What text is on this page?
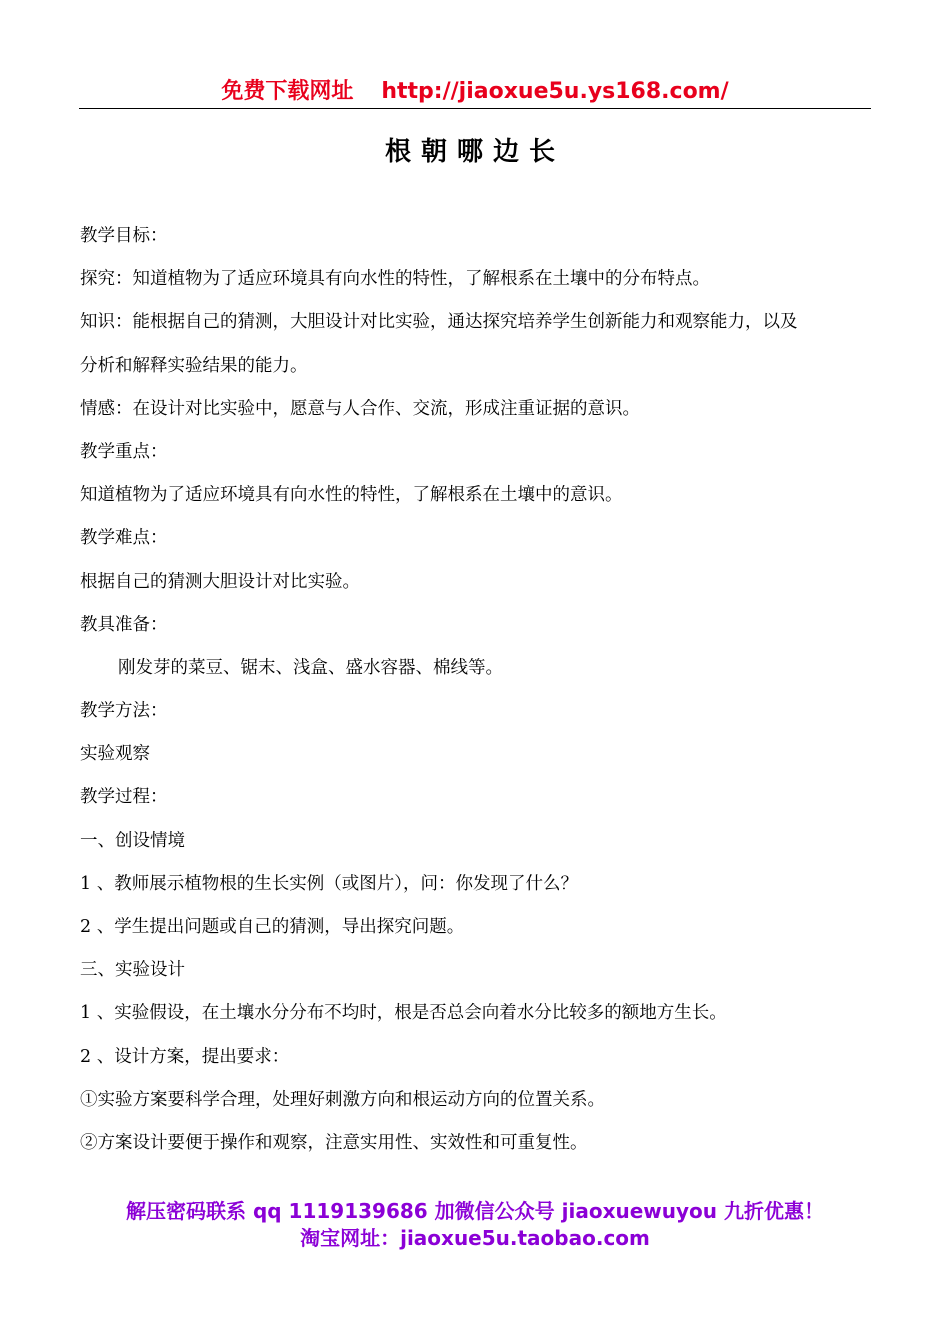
免费下载网址 http://jiaoxue5u.ys168.com/
根朝哪边长
教学目标：
探究：知道植物为了适应环境具有向水性的特性，了解根系在土壤中的分布特点。
知识：能根据自己的猜测，大胆设计对比实验，通达探究培养学生创新能力和观察能力，以及
分析和解释实验结果的能力。
情感：在设计对比实验中，愿意与人合作、交流，形成注重证据的意识。
教学重点：
知道植物为了适应环境具有向水性的特性，了解根系在土壤中的意识。
教学难点：
根据自己的猜测大胆设计对比实验。
教具准备：
刚发芽的菜豆、锯末、浅盒、盛水容器、棉线等。
教学方法：
实验观察
教学过程：
一、创设情境
1 、教师展示植物根的生长实例（或图片），问：你发现了什么？
2 、学生提出问题或自己的猜测，导出探究问题。
三、实验设计
1 、实验假设，在土壤水分分布不均时，根是否总会向着水分比较多的额地方生长。
2 、设计方案，提出要求：
①实验方案要科学合理，处理好刺激方向和根运动方向的位置关系。
②方案设计要便于操作和观察，注意实用性、实效性和可重复性。
解压密码联系 qq 1119139686 加微信公众号 jiaoxuewuyou 九折优惠！
淘宝网址：jiaoxue5u.taobao.com
